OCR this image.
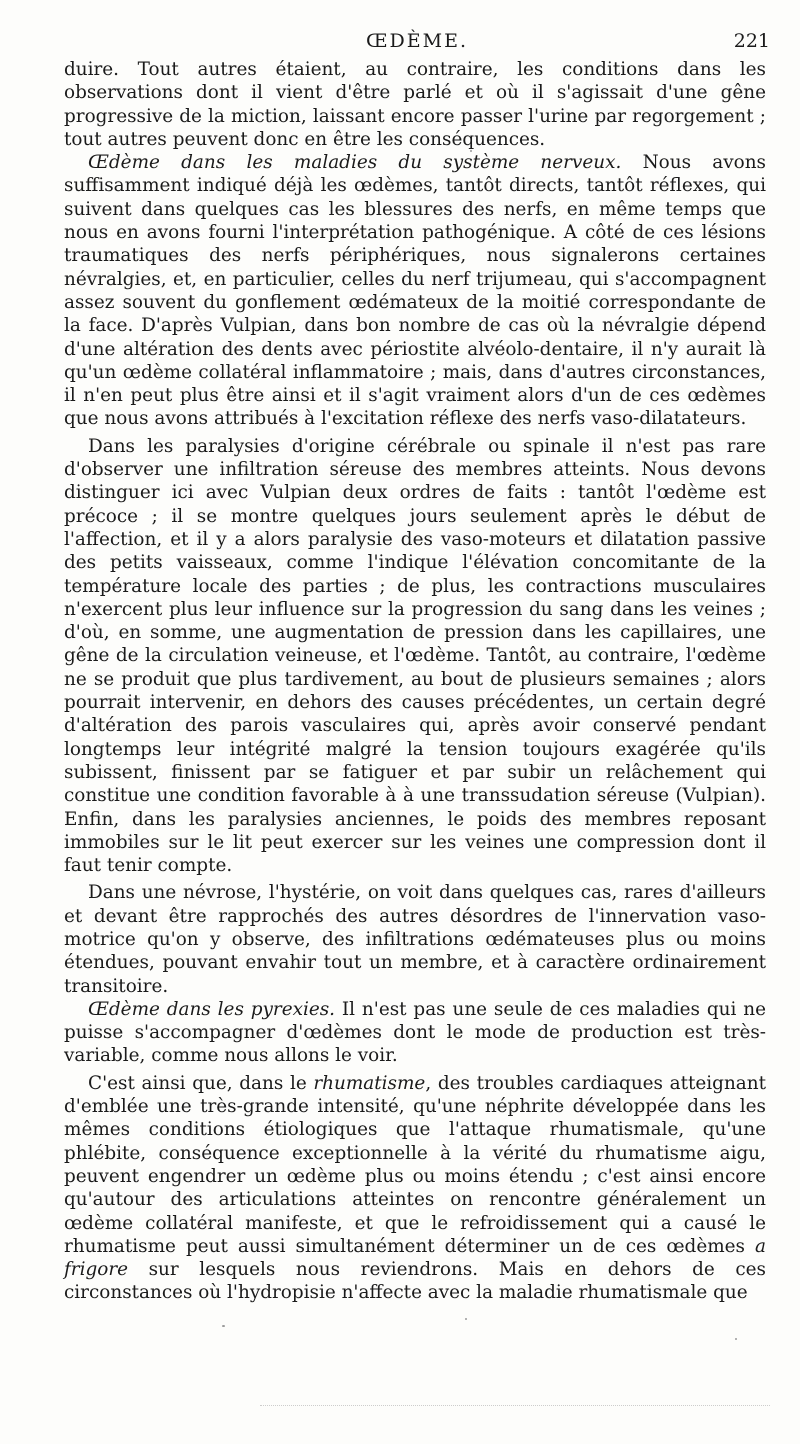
ŒDÈME.	221

duire. Tout autres étaient, au contraire, les conditions dans les observations dont il vient d'être parlé et où il s'agissait d'une gêne progressive de la miction, laissant encore passer l'urine par regorgement ; tout autres peuvent donc en être les conséquences.

Œdème dans les maladies du système nerveux. Nous avons suffisamment indiqué déjà les œdèmes, tantôt directs, tantôt réflexes, qui suivent dans quelques cas les blessures des nerfs, en même temps que nous en avons fourni l'interprétation pathogénique. A côté de ces lésions traumatiques des nerfs périphériques, nous signalerons certaines névralgies, et, en particulier, celles du nerf trijumeau, qui s'accompagnent assez souvent du gonflement œdémateux de la moitié correspondante de la face. D'après Vulpian, dans bon nombre de cas où la névralgie dépend d'une altération des dents avec périostite alvéolo-dentaire, il n'y aurait là qu'un œdème collatéral inflammatoire ; mais, dans d'autres circonstances, il n'en peut plus être ainsi et il s'agit vraiment alors d'un de ces œdèmes que nous avons attribués à l'excitation réflexe des nerfs vaso-dilatateurs.

Dans les paralysies d'origine cérébrale ou spinale il n'est pas rare d'observer une infiltration séreuse des membres atteints. Nous devons distinguer ici avec Vulpian deux ordres de faits : tantôt l'œdème est précoce ; il se montre quelques jours seulement après le début de l'affection, et il y a alors paralysie des vaso-moteurs et dilatation passive des petits vaisseaux, comme l'indique l'élévation concomitante de la température locale des parties ; de plus, les contractions musculaires n'exercent plus leur influence sur la progression du sang dans les veines ; d'où, en somme, une augmentation de pression dans les capillaires, une gêne de la circulation veineuse, et l'œdème. Tantôt, au contraire, l'œdème ne se produit que plus tardivement, au bout de plusieurs semaines ; alors pourrait intervenir, en dehors des causes précédentes, un certain degré d'altération des parois vasculaires qui, après avoir conservé pendant longtemps leur intégrité malgré la tension toujours exagérée qu'ils subissent, finissent par se fatiguer et par subir un relâchement qui constitue une condition favorable à à une transsudation séreuse (Vulpian). Enfin, dans les paralysies anciennes, le poids des membres reposant immobiles sur le lit peut exercer sur les veines une compression dont il faut tenir compte.

Dans une névrose, l'hystérie, on voit dans quelques cas, rares d'ailleurs et devant être rapprochés des autres désordres de l'innervation vaso-motrice qu'on y observe, des infiltrations œdémateuses plus ou moins étendues, pouvant envahir tout un membre, et à caractère ordinairement transitoire.

Œdème dans les pyrexies. Il n'est pas une seule de ces maladies qui ne puisse s'accompagner d'œdèmes dont le mode de production est très-variable, comme nous allons le voir.

C'est ainsi que, dans le rhumatisme, des troubles cardiaques atteignant d'emblée une très-grande intensité, qu'une néphrite développée dans les mêmes conditions étiologiques que l'attaque rhumatismale, qu'une phlébite, conséquence exceptionnelle à la vérité du rhumatisme aigu, peuvent engendrer un œdème plus ou moins étendu ; c'est ainsi encore qu'autour des articulations atteintes on rencontre généralement un œdème collatéral manifeste, et que le refroidissement qui a causé le rhumatisme peut aussi simultanément déterminer un de ces œdèmes a frigore sur lesquels nous reviendrons. Mais en dehors de ces circonstances où l'hydropisie n'affecte avec la maladie rhumatismale que
